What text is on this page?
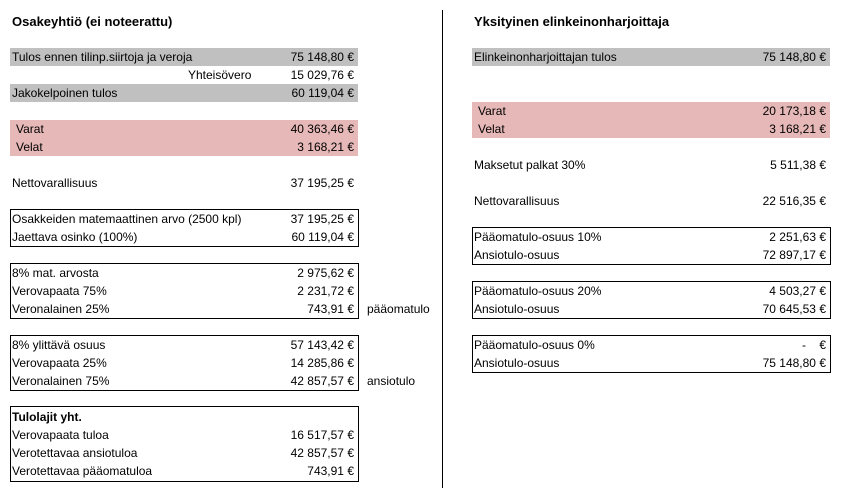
Osakeyhtiö (ei noteerattu)
Tulos ennen tilinp.siirtoja ja veroja	75 148,80 €
Yhteisövero	15 029,76 €
Jakokelpoinen tulos	60 119,04 €
Varat	40 363,46 €
Velat	3 168,21 €
Nettovarallisuus	37 195,25 €
Osakkeiden matemaattinen arvo (2500 kpl)	37 195,25 €
Jaettava osinko (100%)	60 119,04 €
8% mat. arvosta	2 975,62 €
Verovapaata 75%	2 231,72 €
Veronalainen 25%	743,91 € pääomatulo
8% ylittävä osuus	57 143,42 €
Verovapaata 25%	14 285,86 €
Veronalainen 75%	42 857,57 € ansiotulo
Tulolajit yht.
Verovapaata tuloa	16 517,57 €
Verotettavaa ansiotuloa	42 857,57 €
Verotettavaa pääomatuloa	743,91 €
Yksityinen elinkeinonharjoittaja
Elinkeinonharjoittajan tulos	75 148,80 €
Varat	20 173,18 €
Velat	3 168,21 €
Maksetut palkat 30%	5 511,38 €
Nettovarallisuus	22 516,35 €
Pääomatulo-osuus 10%	2 251,63 €
Ansiotulo-osuus	72 897,17 €
Pääomatulo-osuus 20%	4 503,27 €
Ansiotulo-osuus	70 645,53 €
Pääomatulo-osuus 0%	-    €
Ansiotulo-osuus	75 148,80 €
